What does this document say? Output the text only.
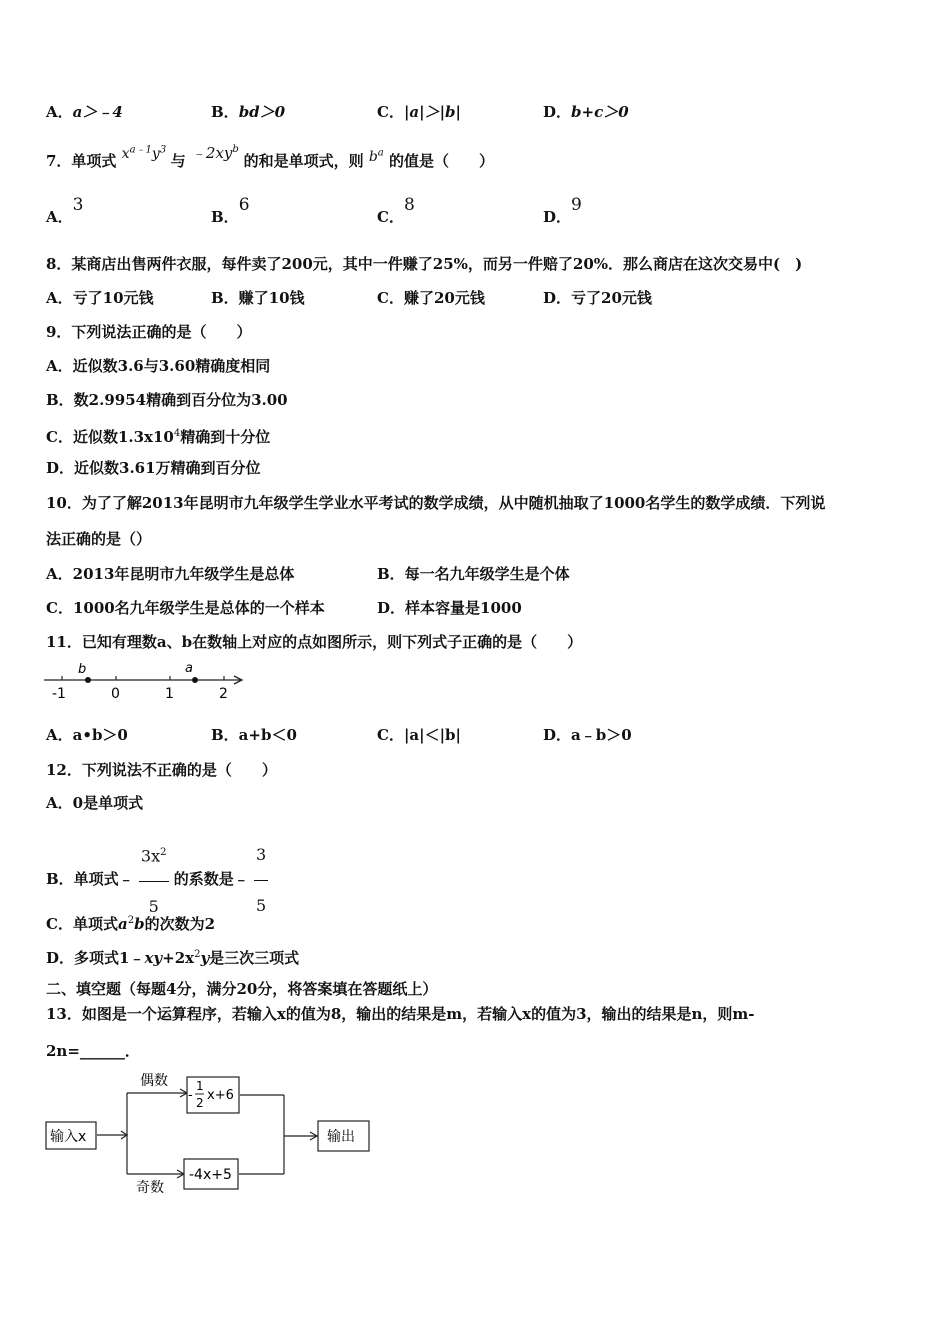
A．a＞﹣4	B．bd＞0	C．|a|＞|b|	D．b+c＞0
7．单项式 $x^{a﹣1}y^3$ 与 $﹣2xy^b$ 的和是单项式，则 $b^a$ 的值是（　　）
A．3
B．6
C．8
D．9
8．某商店出售两件衣服，每件卖了200元，其中一件赚了25%，而另一件赔了20%．那么商店在这次交易中(　)
A．亏了10元钱	B．赚了10钱	C．赚了20元钱	D．亏了20元钱
9．下列说法正确的是（　　）
A．近似数3.6与3.60精确度相同
B．数2.9954精确到百分位为3.00
C．近似数$1.3x10^4$精确到十分位
D．近似数3.61万精确到百分位
10．为了了解2013年昆明市九年级学生学业水平考试的数学成绩，从中随机抽取了1000名学生的数学成绩．下列说
法正确的是（）
A．2013年昆明市九年级学生是总体	B．每一名九年级学生是个体
C．1000名九年级学生是总体的一个样本	D．样本容量是1000
11．已知有理数a、b在数轴上对应的点如图所示，则下列式子正确的是（　　）
b	a
-1	0	1	2
A．a•b＞0	B．a+b＜0	C．|a|＜|b|	D．a﹣b＞0
12．下列说法不正确的是（　　）
A．0是单项式
B．单项式﹣ $\frac{3x^2}{5}$ 的系数是﹣ $\frac{3}{5}$
C．单项式$a^2b$的次数为2
D．多项式$1﹣xy+2x^2y$是三次三项式
二、填空题（每题4分，满分20分，将答案填在答题纸上）
13．如图是一个运算程序，若输入x的值为8，输出的结果是m，若输入x的值为3，输出的结果是n，则m-
2n=______．
输入x
偶数
-
1
2 x+6
奇数
-4x+5
输出
